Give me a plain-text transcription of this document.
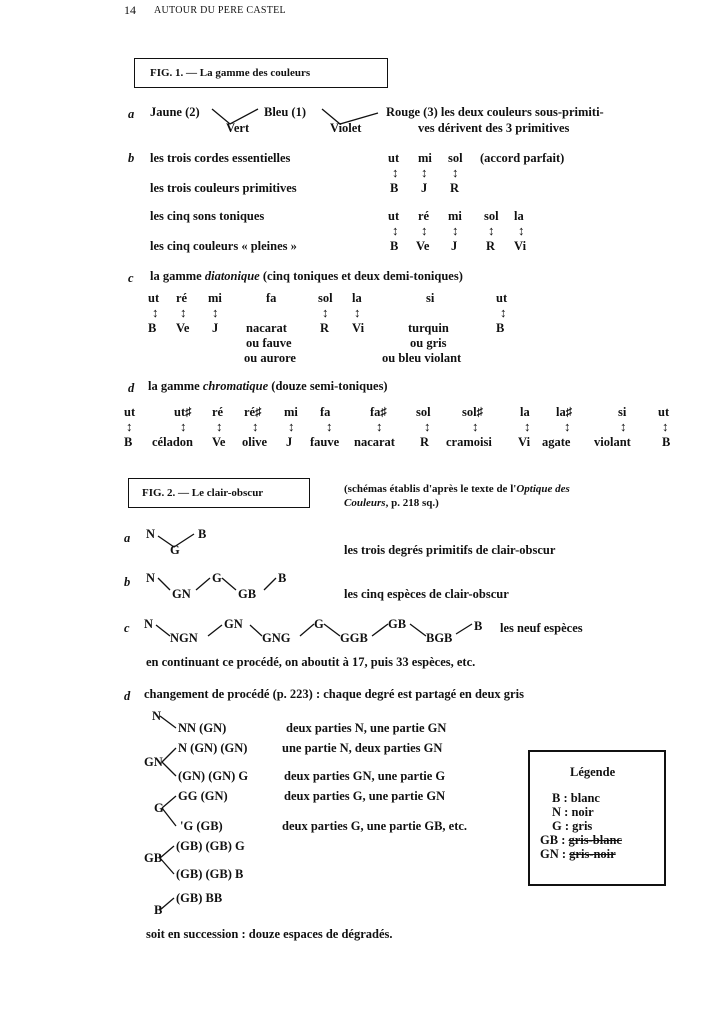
14 AUTOUR DU PERE CASTEL
FIG. 1. — La gamme des couleurs
a Jaune (2)
Vert
Bleu (1)
Violet
Rouge (3) les deux couleurs sous-primiti-
ves dérivent des 3 primitives
b les trois cordes essentielles	ut mi sol (accord parfait)
↕ ↕ ↕
les trois couleurs primitives	B J R
les cinq sons toniques	ut ré mi sol la
↕ ↕ ↕ ↕ ↕
les cinq couleurs « pleines »	B Ve J R Vi
c la gamme diatonique (cinq toniques et deux demi-toniques)
ut ré mi	fa	sol la	si	ut
↕ ↕ ↕	↕ ↕	↕
B Ve J nacarat	R Vi	turquin	B
ou fauve
ou aurore
ou gris
ou bleu violant
d la gamme chromatique (douze semi-toniques)
ut	ut♯ ré ré♯ mi fa	fa♯ sol	sol♯	la la♯	si	ut
↕	↕ ↕ ↕ ↕ ↕	↕	↕	↕	↕	↕	↕	↕
B céladon Ve olive J fauve nacarat R cramoisi Vi agate violant B
FIG. 2. — Le clair-obscur	(schémas établis d'après le texte de l'Optique des
Couleurs, p. 218 sq.)
a N
G
B
les trois degrés primitifs de clair-obscur
b N
GN
G
GB
B
les cinq espèces de clair-obscur
c N
NGN
GN
GNG
G
GGB
GB
BGB
B les neuf espèces
en continuant ce procédé, on aboutit à 17, puis 33 espèces, etc.
d changement de procédé (p. 223) : chaque degré est partagé en deux gris
N
NN (GN)	deux parties N, une partie GN
GN
N (GN) (GN)	une partie N, deux parties GN
(GN) (GN) G	deux parties GN, une partie G
G
GG (GN)	deux parties G, une partie GN
'G (GB)	deux parties G, une partie GB, etc.
GB
(GB) (GB) G
(GB) (GB) B
B
(GB) BB
soit en succession : douze espaces de dégradés.
Légende
B : blanc
N : noir
G : gris
GB : gris-blanc
GN : gris-noir
